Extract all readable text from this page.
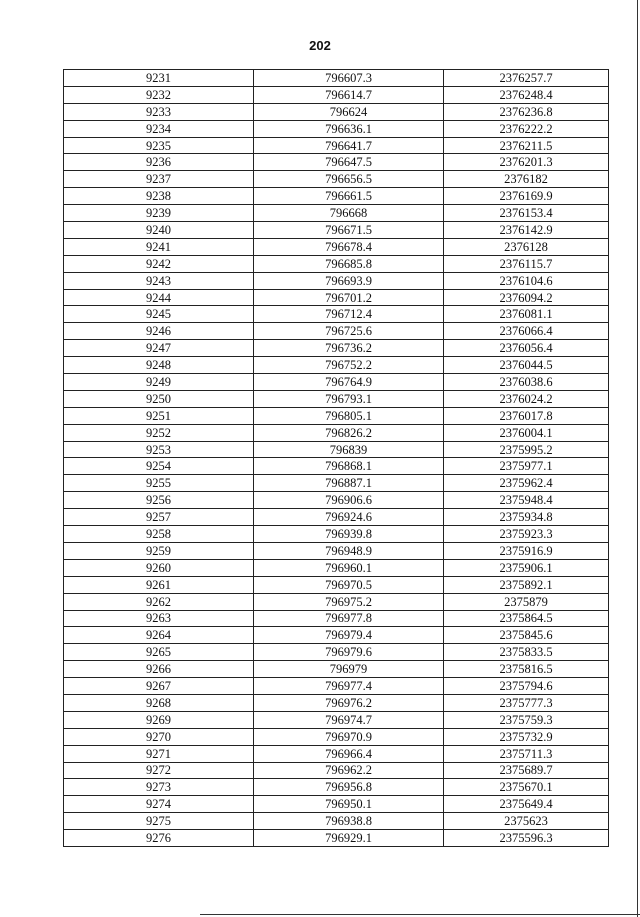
202
9231	796607.3	2376257.7
9232	796614.7	2376248.4
9233	796624	2376236.8
9234	796636.1	2376222.2
9235	796641.7	2376211.5
9236	796647.5	2376201.3
9237	796656.5	2376182
9238	796661.5	2376169.9
9239	796668	2376153.4
9240	796671.5	2376142.9
9241	796678.4	2376128
9242	796685.8	2376115.7
9243	796693.9	2376104.6
9244	796701.2	2376094.2
9245	796712.4	2376081.1
9246	796725.6	2376066.4
9247	796736.2	2376056.4
9248	796752.2	2376044.5
9249	796764.9	2376038.6
9250	796793.1	2376024.2
9251	796805.1	2376017.8
9252	796826.2	2376004.1
9253	796839	2375995.2
9254	796868.1	2375977.1
9255	796887.1	2375962.4
9256	796906.6	2375948.4
9257	796924.6	2375934.8
9258	796939.8	2375923.3
9259	796948.9	2375916.9
9260	796960.1	2375906.1
9261	796970.5	2375892.1
9262	796975.2	2375879
9263	796977.8	2375864.5
9264	796979.4	2375845.6
9265	796979.6	2375833.5
9266	796979	2375816.5
9267	796977.4	2375794.6
9268	796976.2	2375777.3
9269	796974.7	2375759.3
9270	796970.9	2375732.9
9271	796966.4	2375711.3
9272	796962.2	2375689.7
9273	796956.8	2375670.1
9274	796950.1	2375649.4
9275	796938.8	2375623
9276	796929.1	2375596.3
